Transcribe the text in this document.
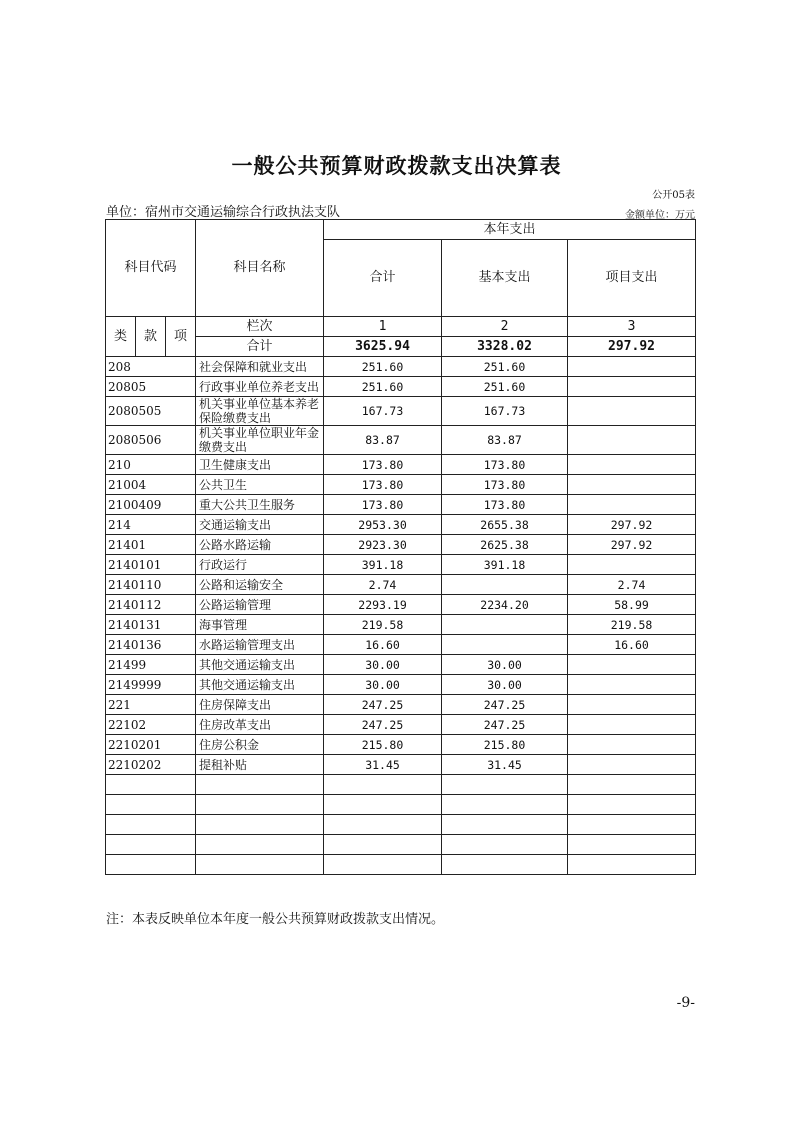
一般公共预算财政拨款支出决算表
公开05表
单位：宿州市交通运输综合行政执法支队	金额单位：万元
科目代码			科目名称	本年支出		
				合计	基本支出	项目支出
类	款	项	栏次	1	2	3
			合计	3625.94	3328.02	297.92
208			社会保障和就业支出	251.60	251.60	
20805			行政事业单位养老支出	251.60	251.60	
2080505			机关事业单位基本养老保险缴费支出	167.73	167.73	
2080506			机关事业单位职业年金缴费支出	83.87	83.87	
210			卫生健康支出	173.80	173.80	
21004			公共卫生	173.80	173.80	
2100409			重大公共卫生服务	173.80	173.80	
214			交通运输支出	2953.30	2655.38	297.92
21401			公路水路运输	2923.30	2625.38	297.92
2140101			行政运行	391.18	391.18	
2140110			公路和运输安全	2.74		2.74
2140112			公路运输管理	2293.19	2234.20	58.99
2140131			海事管理	219.58		219.58
2140136			水路运输管理支出	16.60		16.60
21499			其他交通运输支出	30.00	30.00	
2149999			其他交通运输支出	30.00	30.00	
221			住房保障支出	247.25	247.25	
22102			住房改革支出	247.25	247.25	
2210201			住房公积金	215.80	215.80	
2210202			提租补贴	31.45	31.45	

注：本表反映单位本年度一般公共预算财政拨款支出情况。
-9-
